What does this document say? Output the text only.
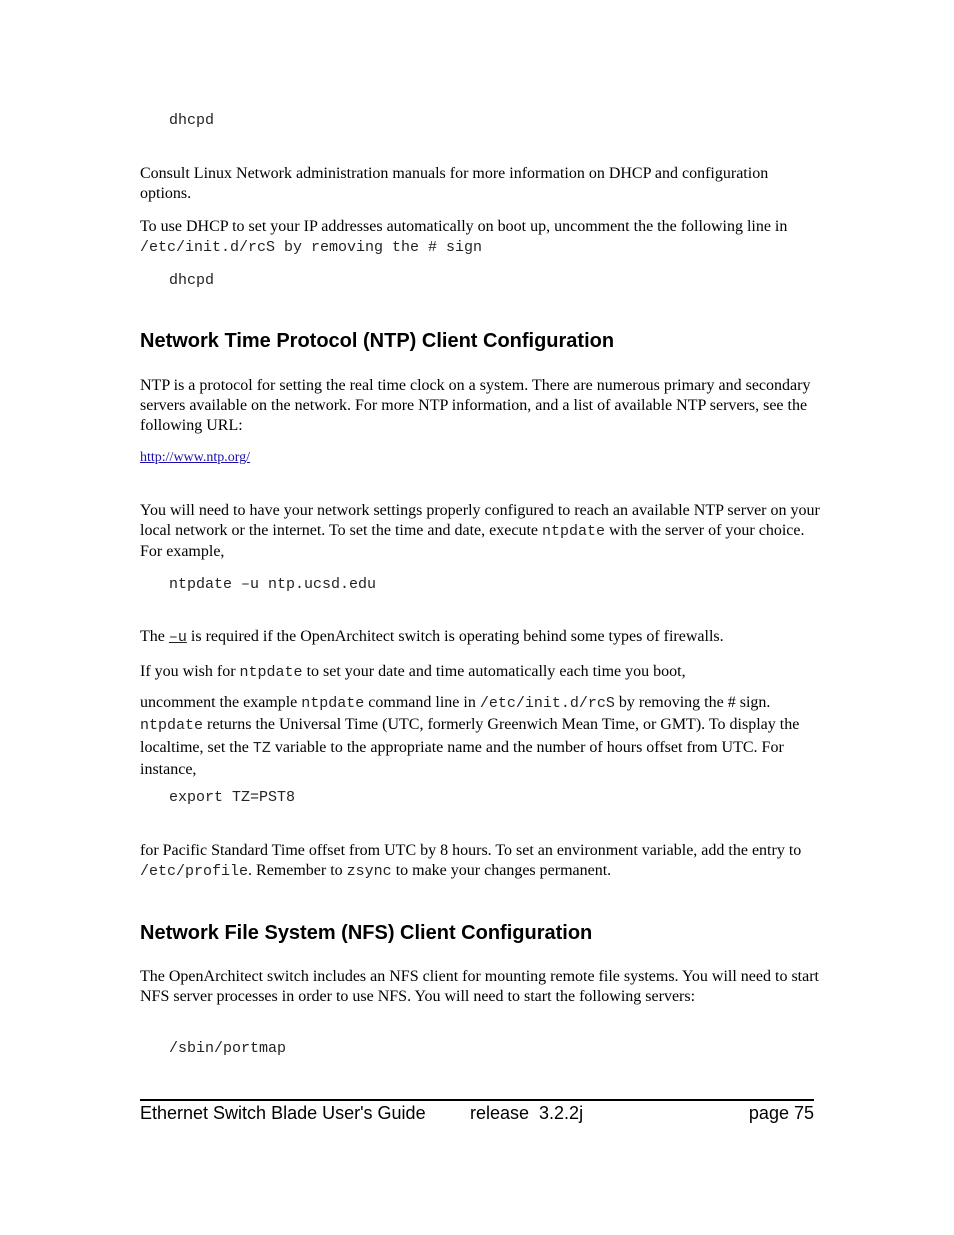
dhcpd

Consult Linux Network administration manuals for more information on DHCP and configuration options.

To use DHCP to set your IP addresses automatically on boot up, uncomment the the following line in /etc/init.d/rcS by removing the # sign

dhcpd
Network Time Protocol (NTP) Client Configuration

NTP is a protocol for setting the real time clock on a system. There are numerous primary and secondary servers available on the network. For more NTP information, and a list of available NTP servers, see the following URL:

http://www.ntp.org/

You will need to have your network settings properly configured to reach an available NTP server on your local network or the internet. To set the time and date, execute ntpdate with the server of your choice. For example,

ntpdate –u ntp.ucsd.edu

The –u is required if the OpenArchitect switch is operating behind some types of firewalls.

If you wish for ntpdate to set your date and time automatically each time you boot,

uncomment the example ntpdate command line in /etc/init.d/rcS by removing the # sign. ntpdate returns the Universal Time (UTC, formerly Greenwich Mean Time, or GMT). To display the localtime, set the TZ variable to the appropriate name and the number of hours offset from UTC. For instance,

export TZ=PST8

for Pacific Standard Time offset from UTC by 8 hours. To set an environment variable, add the entry to /etc/profile. Remember to zsync to make your changes permanent.

Network File System (NFS) Client Configuration

The OpenArchitect switch includes an NFS client for mounting remote file systems. You will need to start NFS server processes in order to use NFS. You will need to start the following servers:

/sbin/portmap

Ethernet Switch Blade User's Guide release  3.2.2j	page 75
